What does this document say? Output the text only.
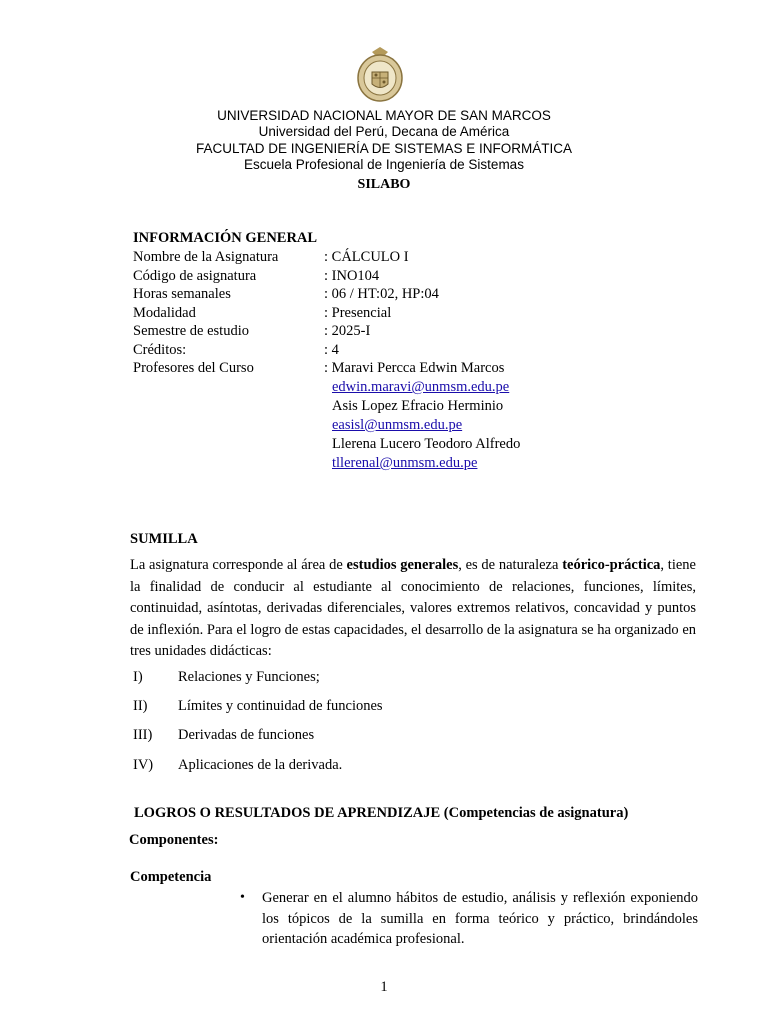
UNIVERSIDAD NACIONAL MAYOR DE SAN MARCOS
Universidad del Perú, Decana de América
FACULTAD DE INGENIERÍA DE SISTEMAS E INFORMÁTICA
Escuela Profesional de Ingeniería de Sistemas
SILABO
INFORMACIÓN GENERAL
Nombre de la Asignatura	: CÁLCULO I
Código de asignatura	: INO104
Horas semanales	: 06 / HT:02, HP:04
Modalidad	: Presencial
Semestre de estudio	: 2025-I
Créditos:	: 4
Profesores del Curso	: Maravi Percca Edwin Marcos
edwin.maravi@unmsm.edu.pe
Asis Lopez Efracio Herminio
easisl@unmsm.edu.pe
Llerena Lucero Teodoro Alfredo
tllerenal@unmsm.edu.pe
SUMILLA
La asignatura corresponde al área de estudios generales, es de naturaleza teórico-práctica, tiene la finalidad de conducir al estudiante al conocimiento de relaciones, funciones, límites, continuidad, asíntotas, derivadas diferenciales, valores extremos relativos, concavidad y puntos de inflexión. Para el logro de estas capacidades, el desarrollo de la asignatura se ha organizado en tres unidades didácticas:
I) Relaciones y Funciones;
II) Límites y continuidad de funciones
III) Derivadas de funciones
IV) Aplicaciones de la derivada.
LOGROS O RESULTADOS DE APRENDIZAJE (Competencias de asignatura)
Componentes:
Competencia
• Generar en el alumno hábitos de estudio, análisis y reflexión exponiendo los tópicos de la sumilla en forma teórico y práctico, brindándoles orientación académica profesional.
1
